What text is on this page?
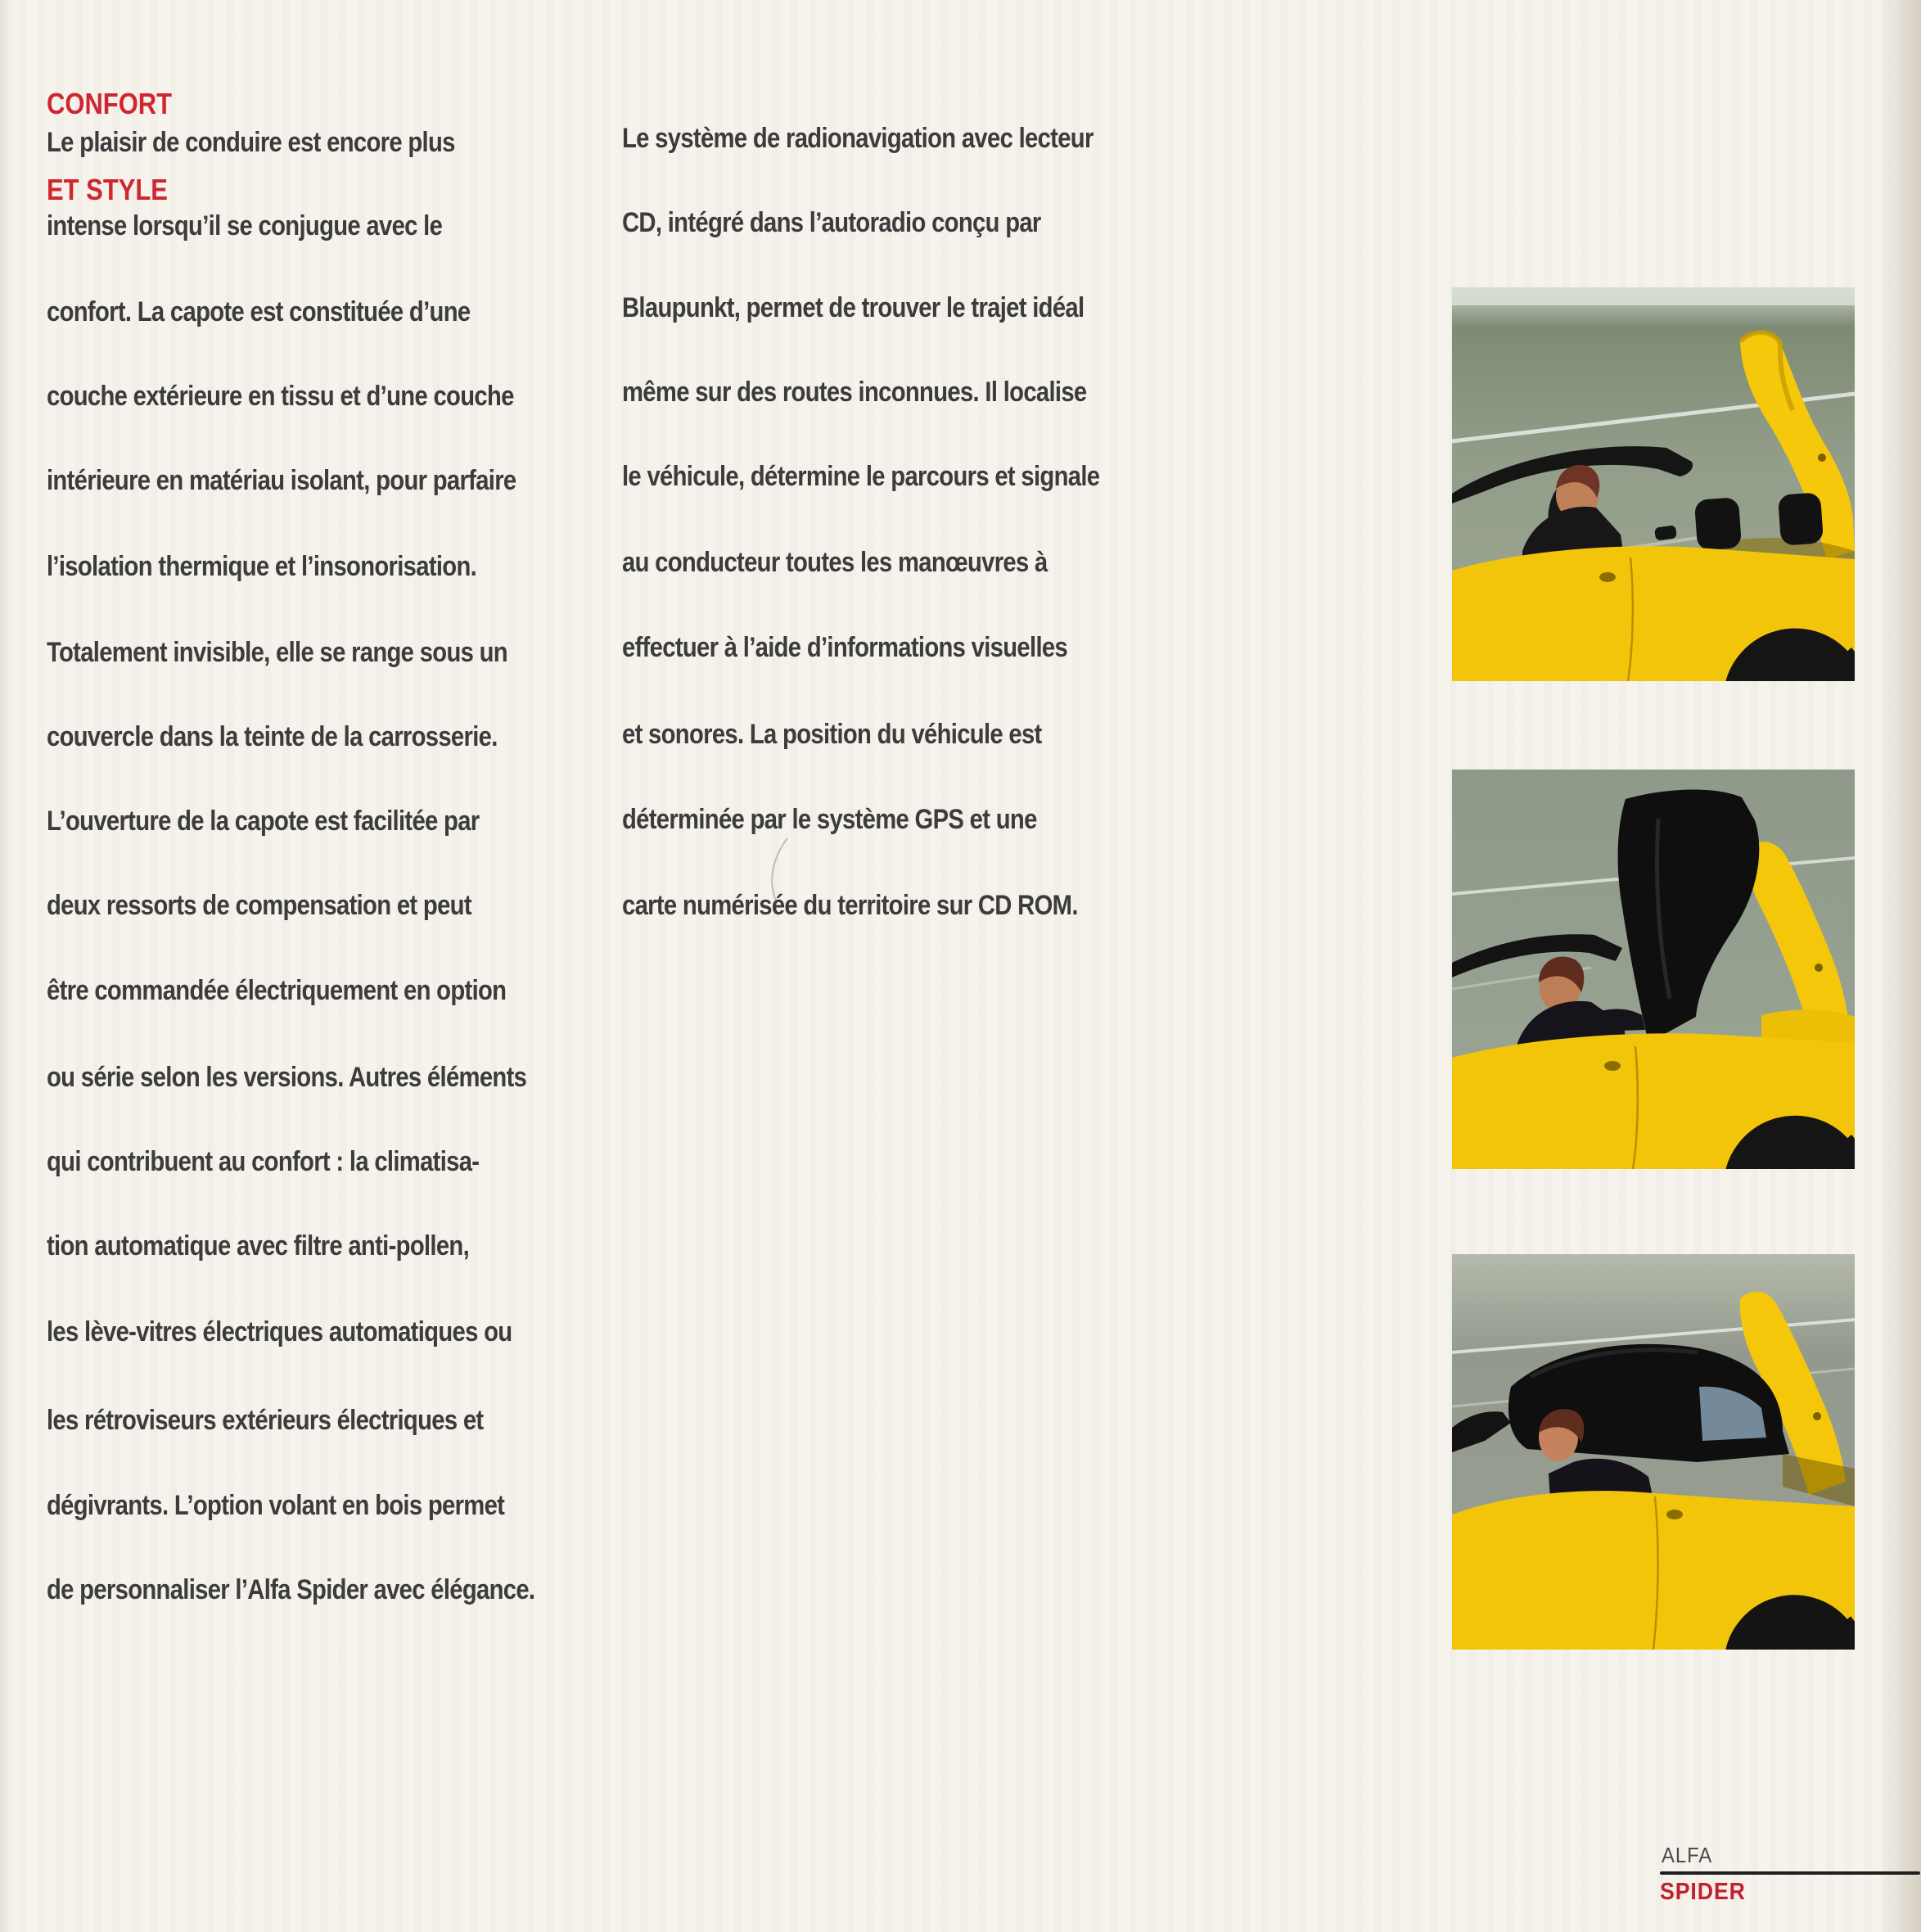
CONFORT
Le plaisir de conduire est encore plus
ET STYLE
intense lorsqu’il se conjugue avec le
confort. La capote est constituée d’une
couche extérieure en tissu et d’une couche
intérieure en matériau isolant, pour parfaire
l’isolation thermique et l’insonorisation.
Totalement invisible, elle se range sous un
couvercle dans la teinte de la carrosserie.
L’ouverture de la capote est facilitée par
deux ressorts de compensation et peut
être commandée électriquement en option
ou série selon les versions. Autres éléments
qui contribuent au confort : la climatisa-
tion automatique avec filtre anti-pollen,
les lève-vitres électriques automatiques ou
les rétroviseurs extérieurs électriques et
dégivrants. L’option volant en bois permet
de personnaliser l’Alfa Spider avec élégance.
Le système de radionavigation avec lecteur
CD, intégré dans l’autoradio conçu par
Blaupunkt, permet de trouver le trajet idéal
même sur des routes inconnues. Il localise
le véhicule, détermine le parcours et signale
au conducteur toutes les manœuvres à
effectuer à l’aide d’informations visuelles
et sonores. La position du véhicule est
déterminée par le système GPS et une
carte numérisée du territoire sur CD ROM.
ALFA
SPIDER
